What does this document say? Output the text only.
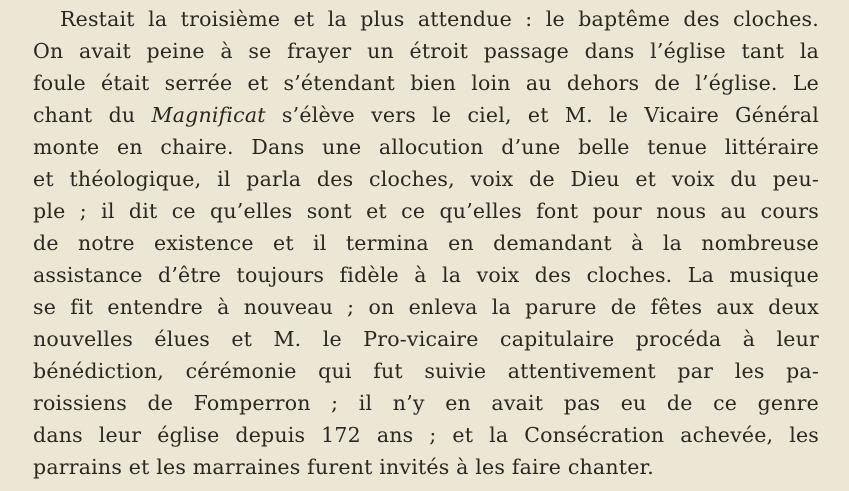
Restait la troisième et la plus attendue : le baptême des cloches.
On avait peine à se frayer un étroit passage dans l’église tant la
foule était serrée et s’étendant bien loin au dehors de l’église. Le
chant du Magnificat s’élève vers le ciel, et M. le Vicaire Général
monte en chaire. Dans une allocution d’une belle tenue littéraire
et théologique, il parla des cloches, voix de Dieu et voix du peu-
ple ; il dit ce qu’elles sont et ce qu’elles font pour nous au cours
de notre existence et il termina en demandant à la nombreuse
assistance d’être toujours fidèle à la voix des cloches. La musique
se fit entendre à nouveau ; on enleva la parure de fêtes aux deux
nouvelles élues et M. le Pro-vicaire capitulaire procéda à leur
bénédiction, cérémonie qui fut suivie attentivement par les pa-
roissiens de Fomperron ; il n’y en avait pas eu de ce genre
dans leur église depuis 172 ans ; et la Consécration achevée, les
parrains et les marraines furent invités à les faire chanter.
